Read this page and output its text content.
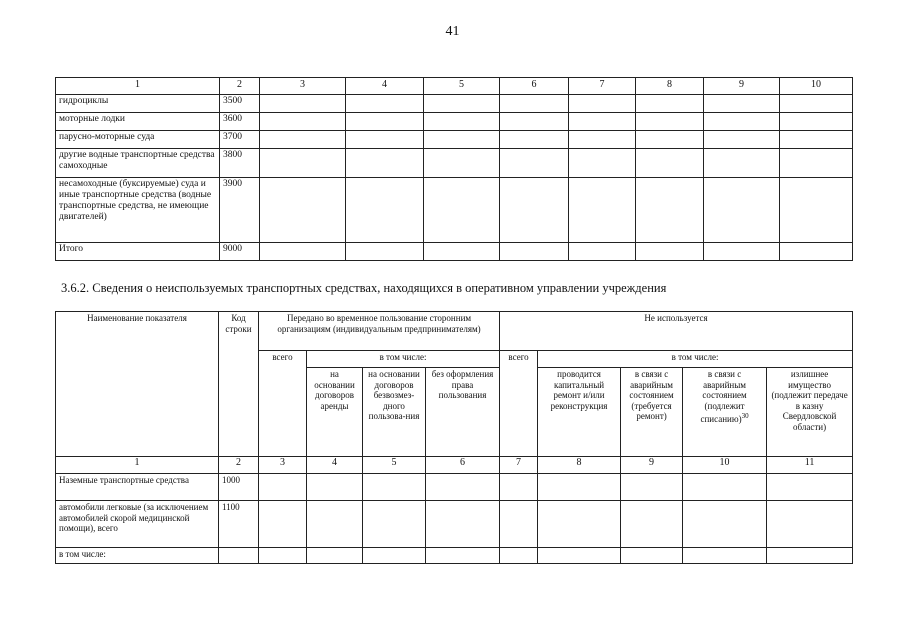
41
1	2	3	4	5	6	7	8	9	10
гидроциклы	3500								
моторные лодки	3600								
парусно-моторные суда	3700								
другие водные транспортные средства самоходные	3800								
несамоходные (буксируемые) суда и иные транспортные средства (водные транспортные средства, не имеющие двигателей)	3900								
Итого	9000								
3.6.2. Сведения о неиспользуемых транспортных средствах, находящихся в оперативном управлении учреждения
Наименование показателя	Код строки	Передано во временное пользование сторонним организациям (индивидуальным предпринимателям)				Не используется				
		всего	в том числе:			всего	в том числе:			
			на основании договоров аренды	на основании договоров безвозмез-дного пользова-ния	без оформления права пользования		проводится капитальный ремонт и/или реконструкция	в связи с аварийным состоянием (требуется ремонт)	в связи с аварийным состоянием (подлежит списанию)$^{30}$	излишнее имущество (подлежит передаче в казну Свердловской области)
1	2	3	4	5	6	7	8	9	10	11
Наземные транспортные средства	1000									
автомобили легковые (за исключением автомобилей скорой медицинской помощи), всего	1100									
в том числе:										
